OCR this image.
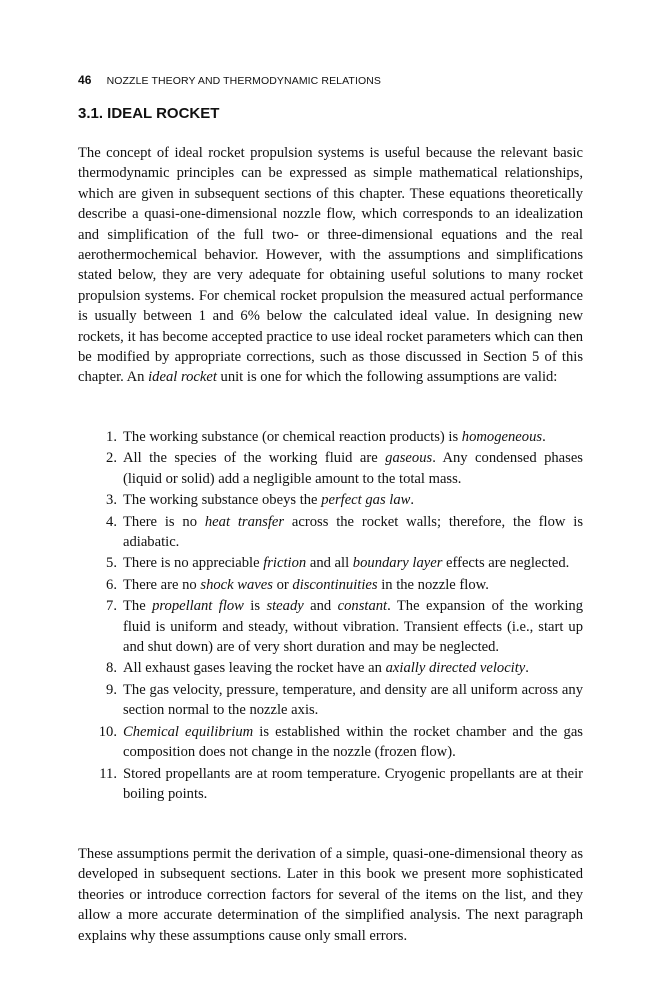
46 NOZZLE THEORY AND THERMODYNAMIC RELATIONS
3.1. IDEAL ROCKET

The concept of ideal rocket propulsion systems is useful because the relevant basic thermodynamic principles can be expressed as simple mathematical relationships, which are given in subsequent sections of this chapter. These equations theoretically describe a quasi-one-dimensional nozzle flow, which corresponds to an idealization and simplification of the full two- or three-dimensional equations and the real aerothermochemical behavior. However, with the assumptions and simplifications stated below, they are very adequate for obtaining useful solutions to many rocket propulsion systems. For chemical rocket propulsion the measured actual performance is usually between 1 and 6% below the calculated ideal value. In designing new rockets, it has become accepted practice to use ideal rocket parameters which can then be modified by appropriate corrections, such as those discussed in Section 5 of this chapter. An ideal rocket unit is one for which the following assumptions are valid:

1. The working substance (or chemical reaction products) is homogeneous.
2. All the species of the working fluid are gaseous. Any condensed phases (liquid or solid) add a negligible amount to the total mass.
3. The working substance obeys the perfect gas law.
4. There is no heat transfer across the rocket walls; therefore, the flow is adiabatic.
5. There is no appreciable friction and all boundary layer effects are neglected.
6. There are no shock waves or discontinuities in the nozzle flow.
7. The propellant flow is steady and constant. The expansion of the working fluid is uniform and steady, without vibration. Transient effects (i.e., start up and shut down) are of very short duration and may be neglected.
8. All exhaust gases leaving the rocket have an axially directed velocity.
9. The gas velocity, pressure, temperature, and density are all uniform across any section normal to the nozzle axis.
10. Chemical equilibrium is established within the rocket chamber and the gas composition does not change in the nozzle (frozen flow).
11. Stored propellants are at room temperature. Cryogenic propellants are at their boiling points.

These assumptions permit the derivation of a simple, quasi-one-dimensional theory as developed in subsequent sections. Later in this book we present more sophisticated theories or introduce correction factors for several of the items on the list, and they allow a more accurate determination of the simplified analysis. The next paragraph explains why these assumptions cause only small errors.
